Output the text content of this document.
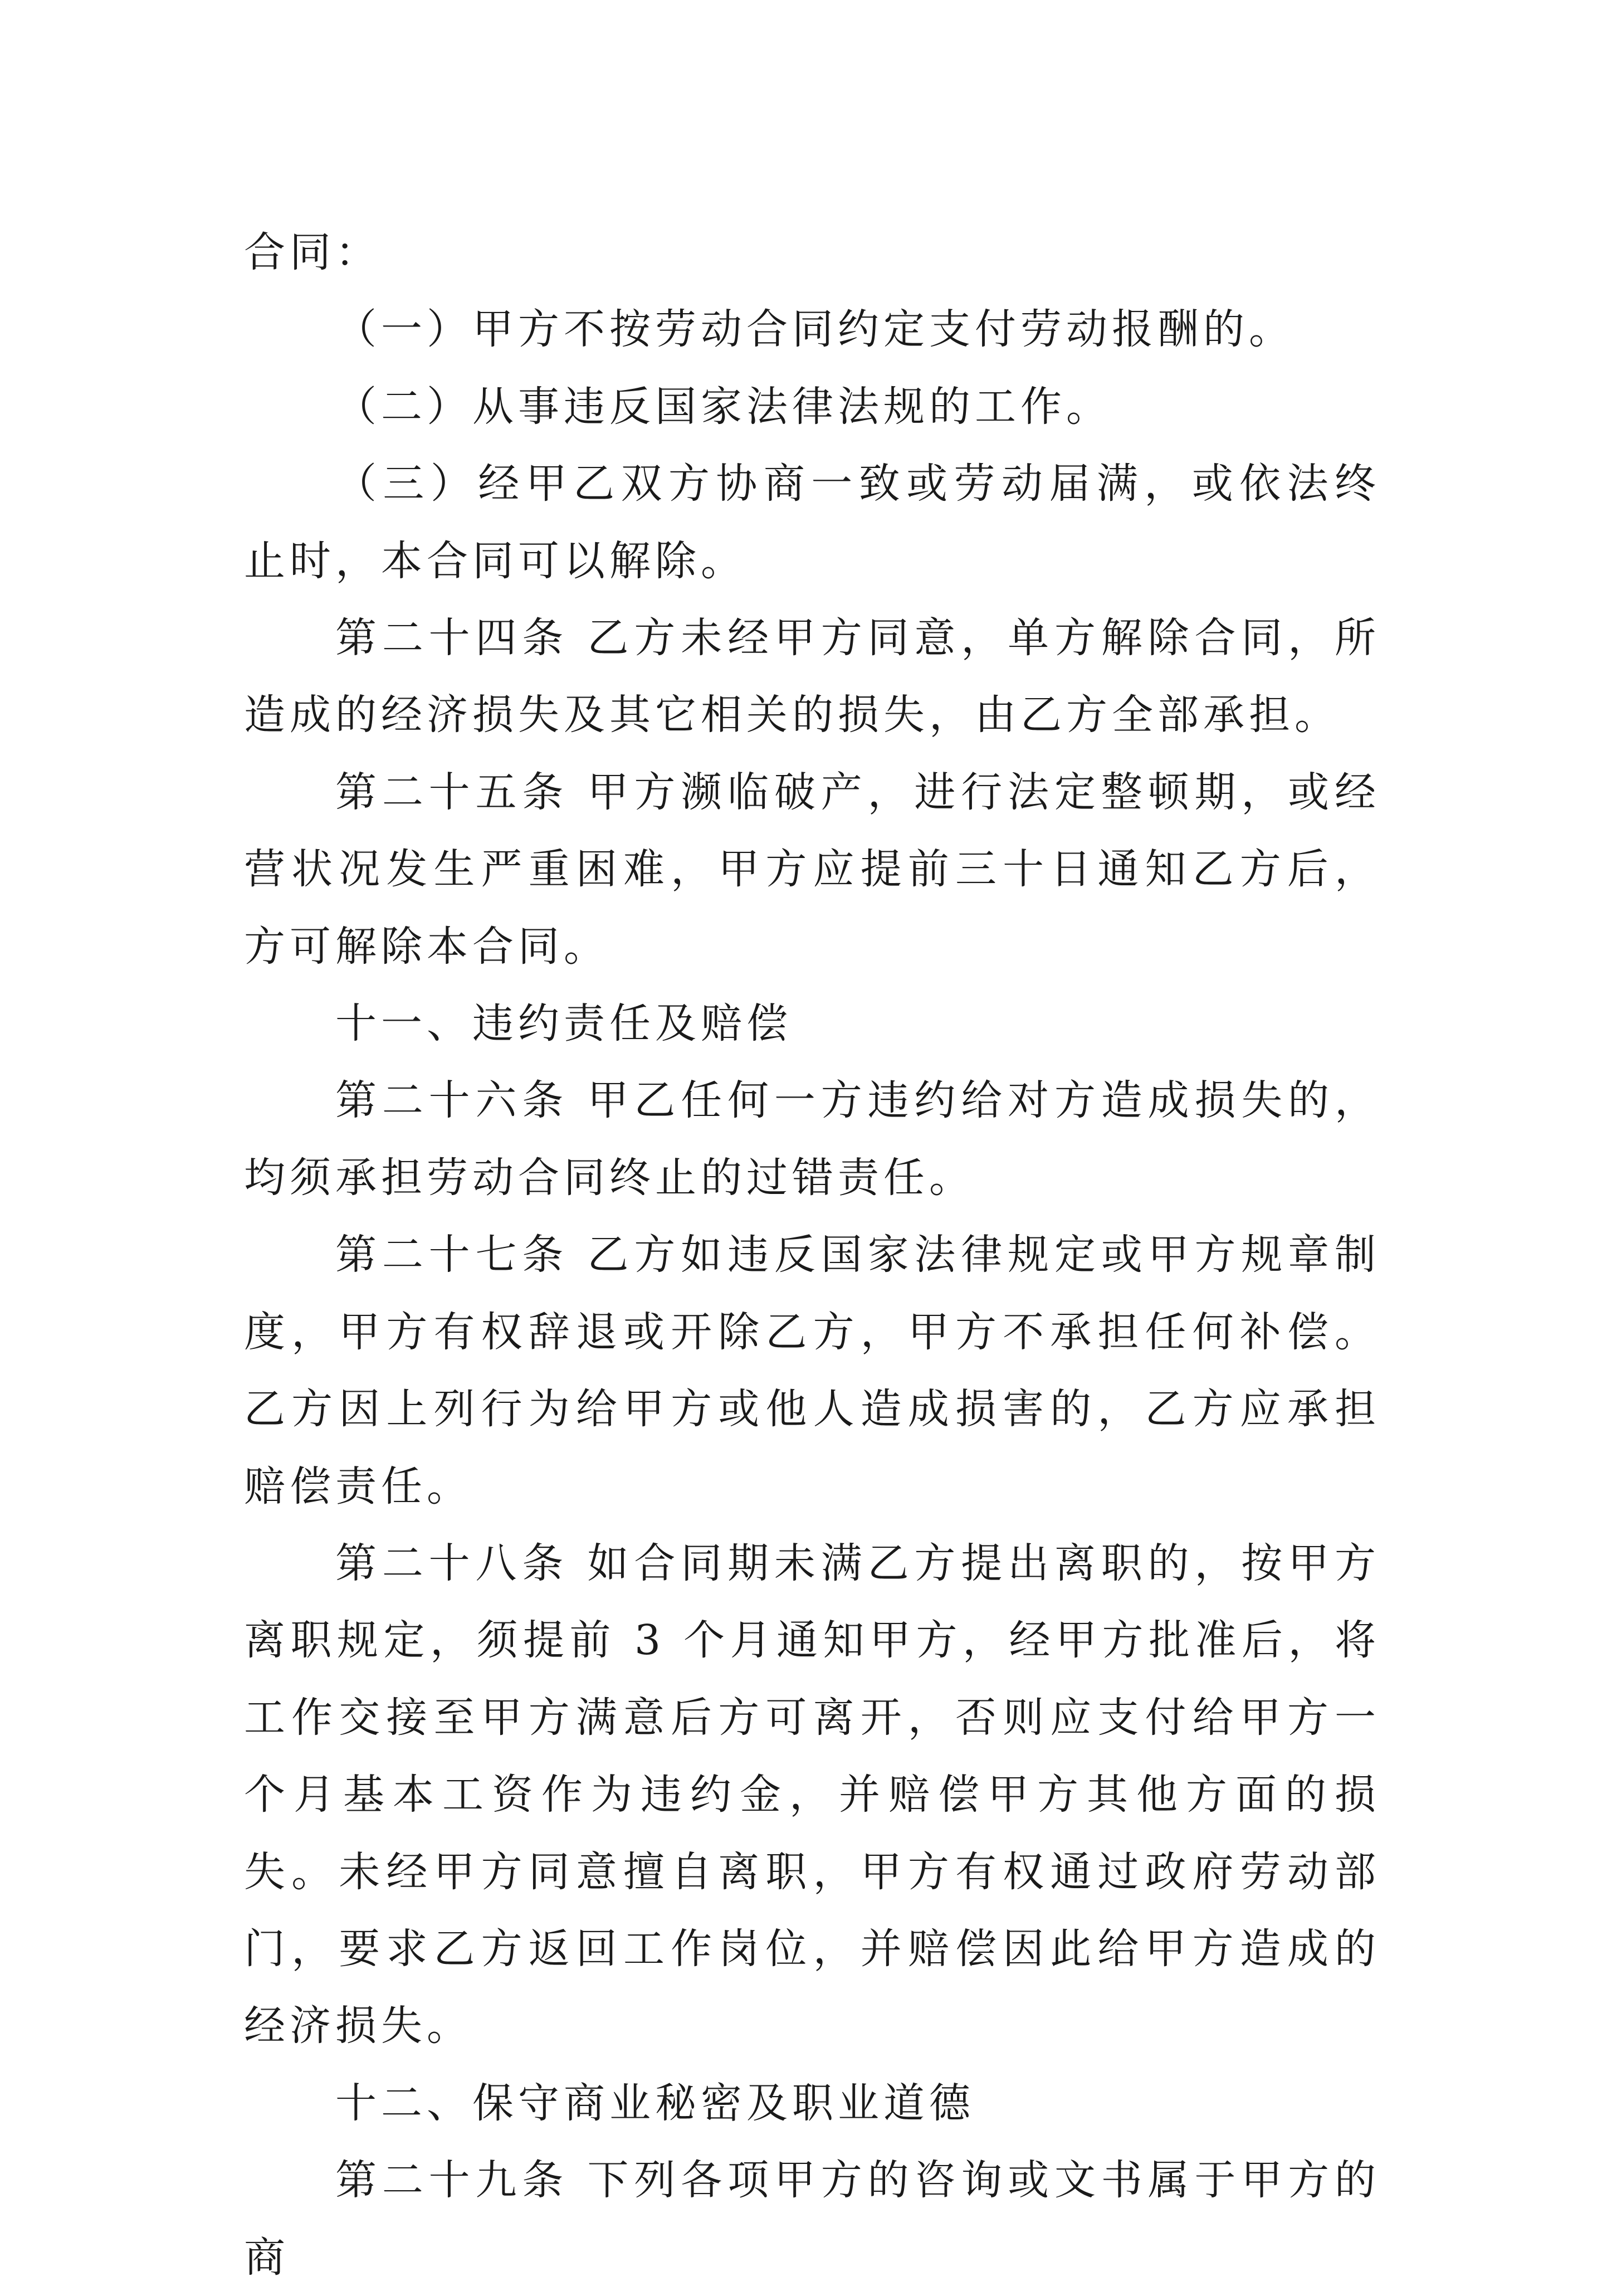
合同：

（一）甲方不按劳动合同约定支付劳动报酬的。

（二）从事违反国家法律法规的工作。

（三）经甲乙双方协商一致或劳动届满，或依法终止时，本合同可以解除。

第二十四条 乙方未经甲方同意，单方解除合同，所造成的经济损失及其它相关的损失，由乙方全部承担。

第二十五条 甲方濒临破产，进行法定整顿期，或经营状况发生严重困难，甲方应提前三十日通知乙方后，方可解除本合同。

十一、违约责任及赔偿

第二十六条 甲乙任何一方违约给对方造成损失的，均须承担劳动合同终止的过错责任。

第二十七条 乙方如违反国家法律规定或甲方规章制度，甲方有权辞退或开除乙方，甲方不承担任何补偿。乙方因上列行为给甲方或他人造成损害的，乙方应承担赔偿责任。

第二十八条 如合同期未满乙方提出离职的，按甲方离职规定，须提前 3 个月通知甲方，经甲方批准后，将工作交接至甲方满意后方可离开，否则应支付给甲方一个月基本工资作为违约金，并赔偿甲方其他方面的损失。未经甲方同意擅自离职，甲方有权通过政府劳动部门，要求乙方返回工作岗位，并赔偿因此给甲方造成的经济损失。

十二、保守商业秘密及职业道德

第二十九条 下列各项甲方的咨询或文书属于甲方的商
